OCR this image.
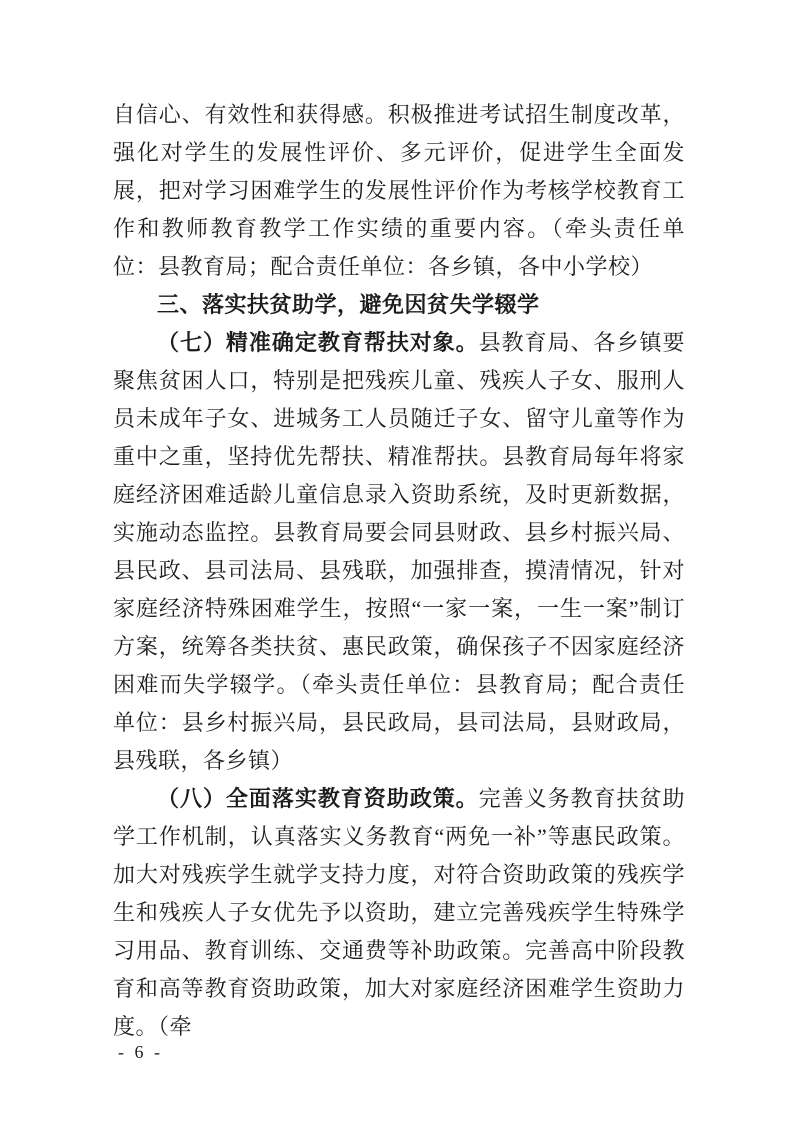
自信心、有效性和获得感。积极推进考试招生制度改革，强化对学生的发展性评价、多元评价，促进学生全面发展，把对学习困难学生的发展性评价作为考核学校教育工作和教师教育教学工作实绩的重要内容。（牵头责任单位：县教育局；配合责任单位：各乡镇，各中小学校）

三、落实扶贫助学，避免因贫失学辍学

（七）精准确定教育帮扶对象。县教育局、各乡镇要聚焦贫困人口，特别是把残疾儿童、残疾人子女、服刑人员未成年子女、进城务工人员随迁子女、留守儿童等作为重中之重，坚持优先帮扶、精准帮扶。县教育局每年将家庭经济困难适龄儿童信息录入资助系统，及时更新数据，实施动态监控。县教育局要会同县财政、县乡村振兴局、县民政、县司法局、县残联，加强排查，摸清情况，针对家庭经济特殊困难学生，按照“一家一案，一生一案”制订方案，统筹各类扶贫、惠民政策，确保孩子不因家庭经济困难而失学辍学。（牵头责任单位：县教育局；配合责任单位：县乡村振兴局，县民政局，县司法局，县财政局，县残联，各乡镇）

（八）全面落实教育资助政策。完善义务教育扶贫助学工作机制，认真落实义务教育“两免一补”等惠民政策。加大对残疾学生就学支持力度，对符合资助政策的残疾学生和残疾人子女优先予以资助，建立完善残疾学生特殊学习用品、教育训练、交通费等补助政策。完善高中阶段教育和高等教育资助政策，加大对家庭经济困难学生资助力度。（牵

- 6 -
